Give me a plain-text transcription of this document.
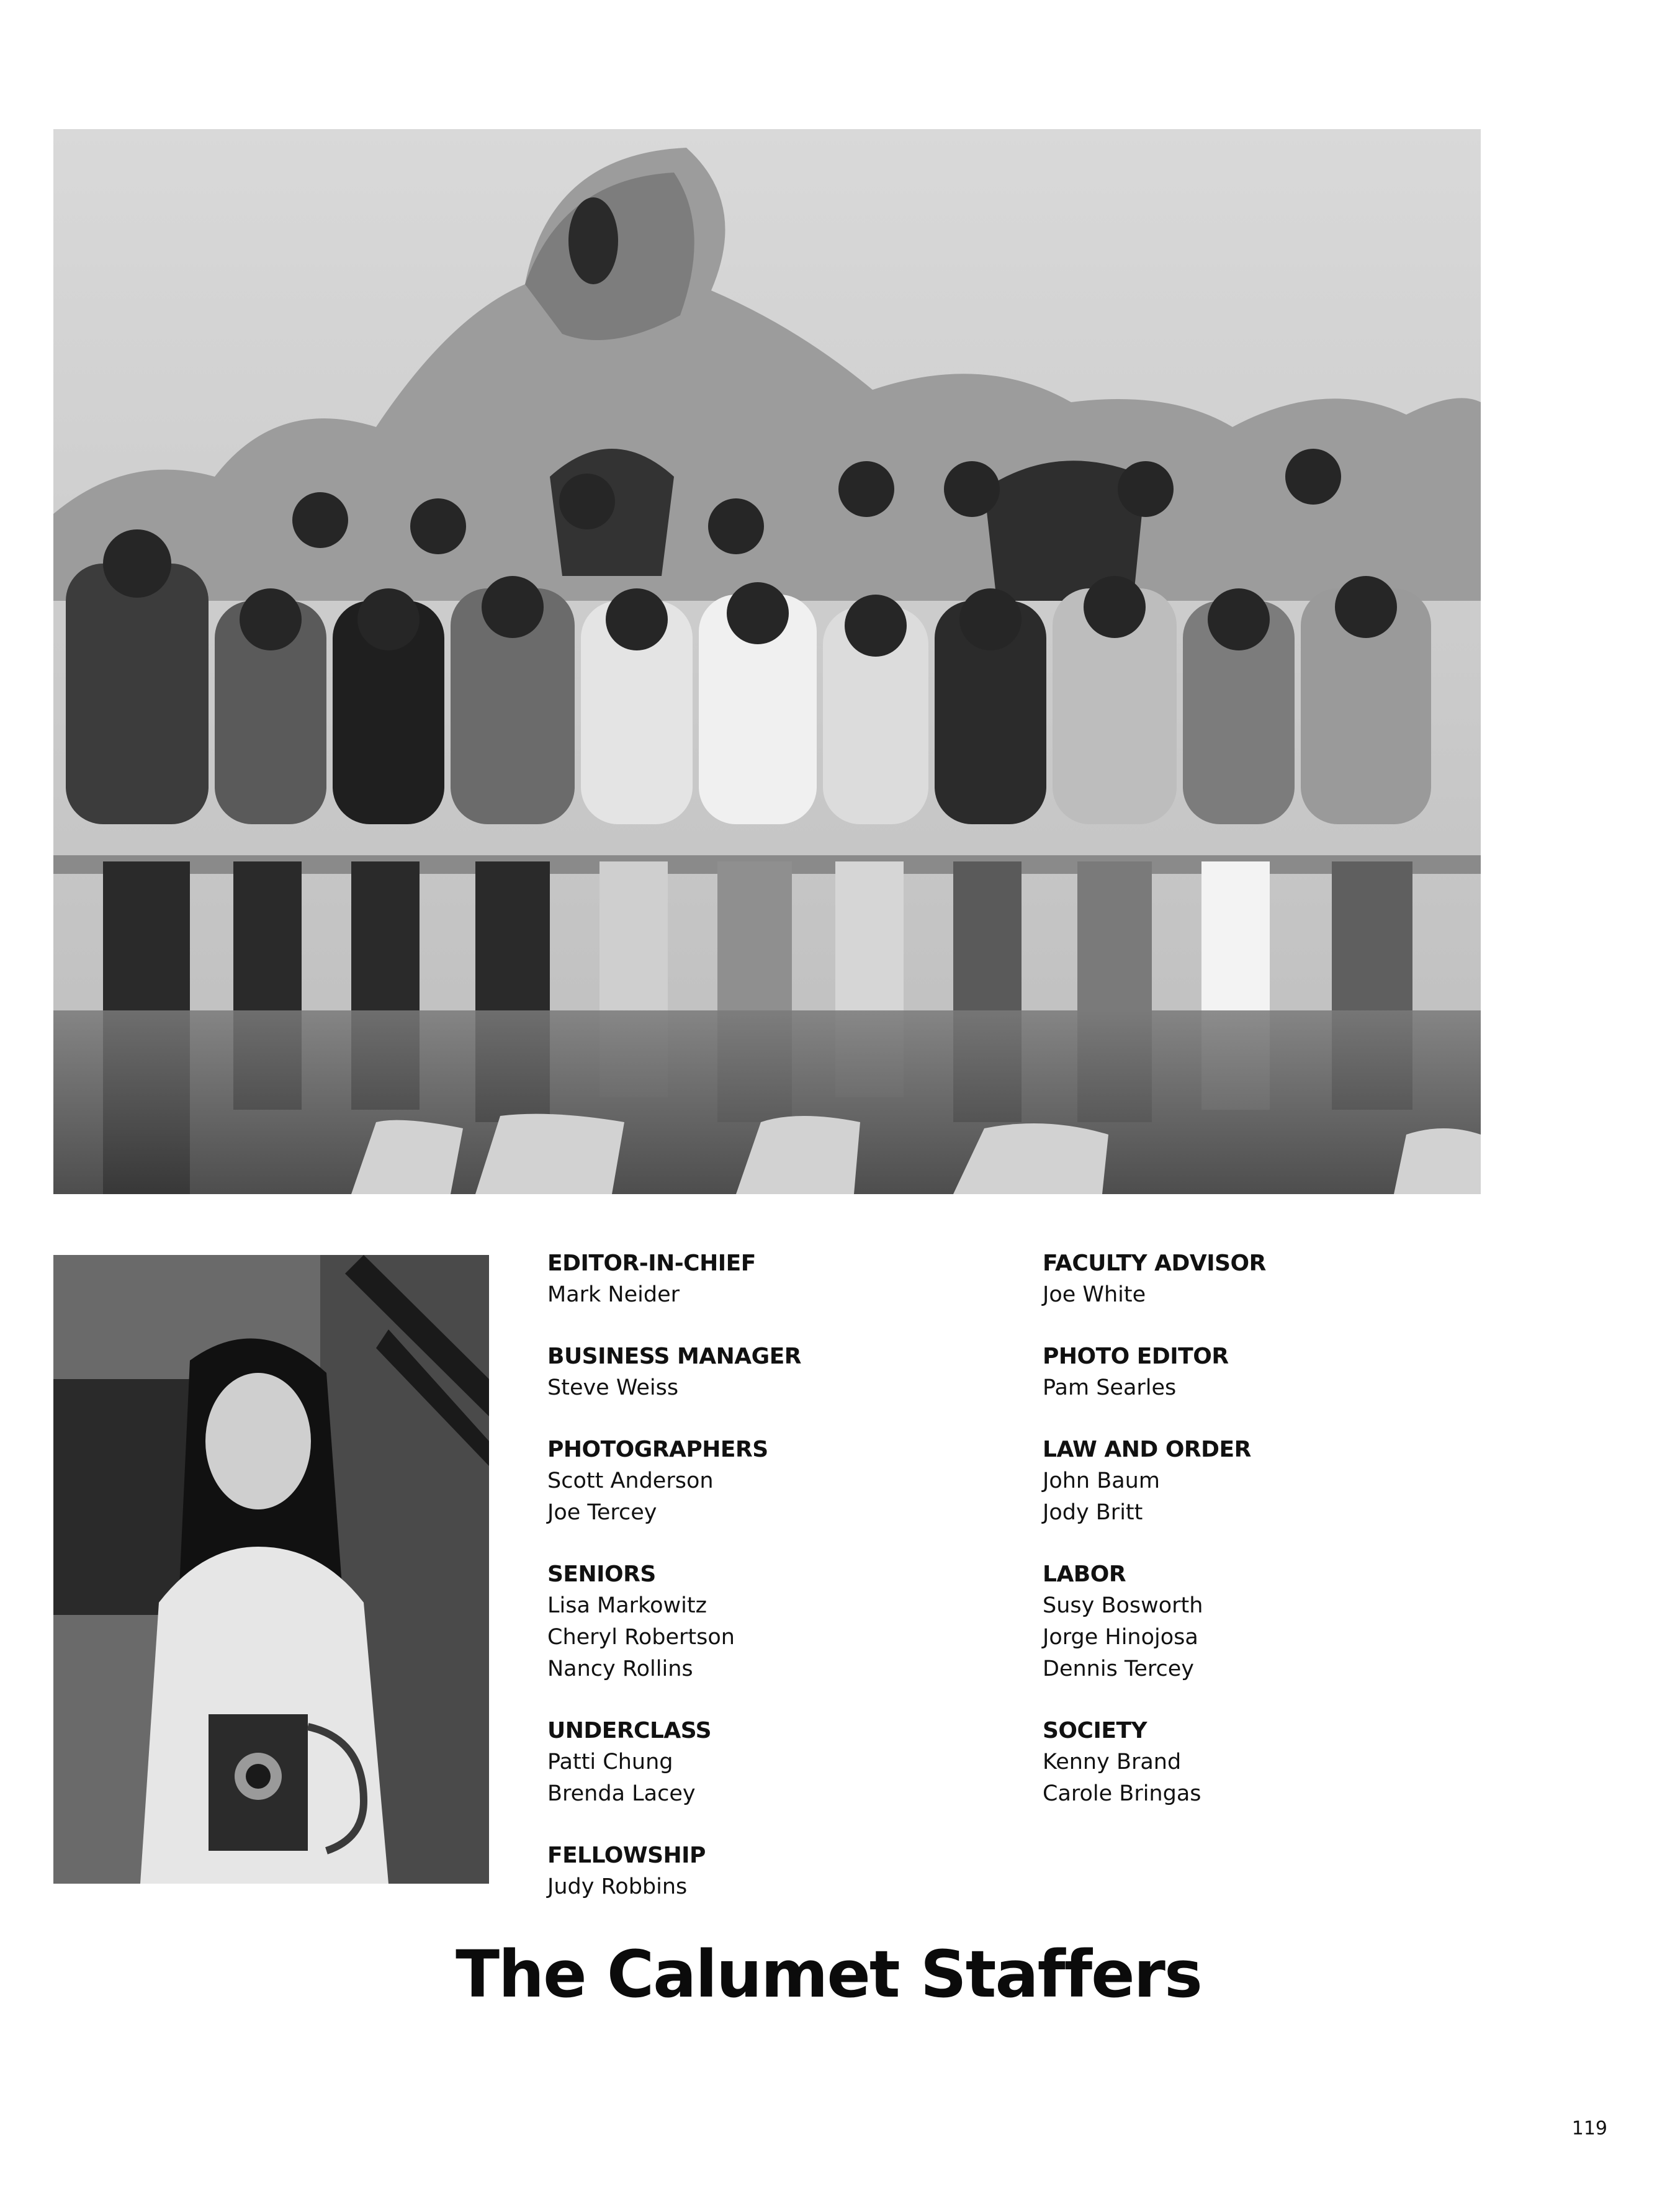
EDITOR-IN-CHIEF
Mark Neider
BUSINESS MANAGER
Steve Weiss
PHOTOGRAPHERS
Scott Anderson
Joe Tercey
SENIORS
Lisa Markowitz
Cheryl Robertson
Nancy Rollins
UNDERCLASS
Patti Chung
Brenda Lacey
FELLOWSHIP
Judy Robbins
FACULTY ADVISOR
Joe White
PHOTO EDITOR
Pam Searles
LAW AND ORDER
John Baum
Jody Britt
LABOR
Susy Bosworth
Jorge Hinojosa
Dennis Tercey
SOCIETY
Kenny Brand
Carole Bringas
The Calumet Staffers
119
